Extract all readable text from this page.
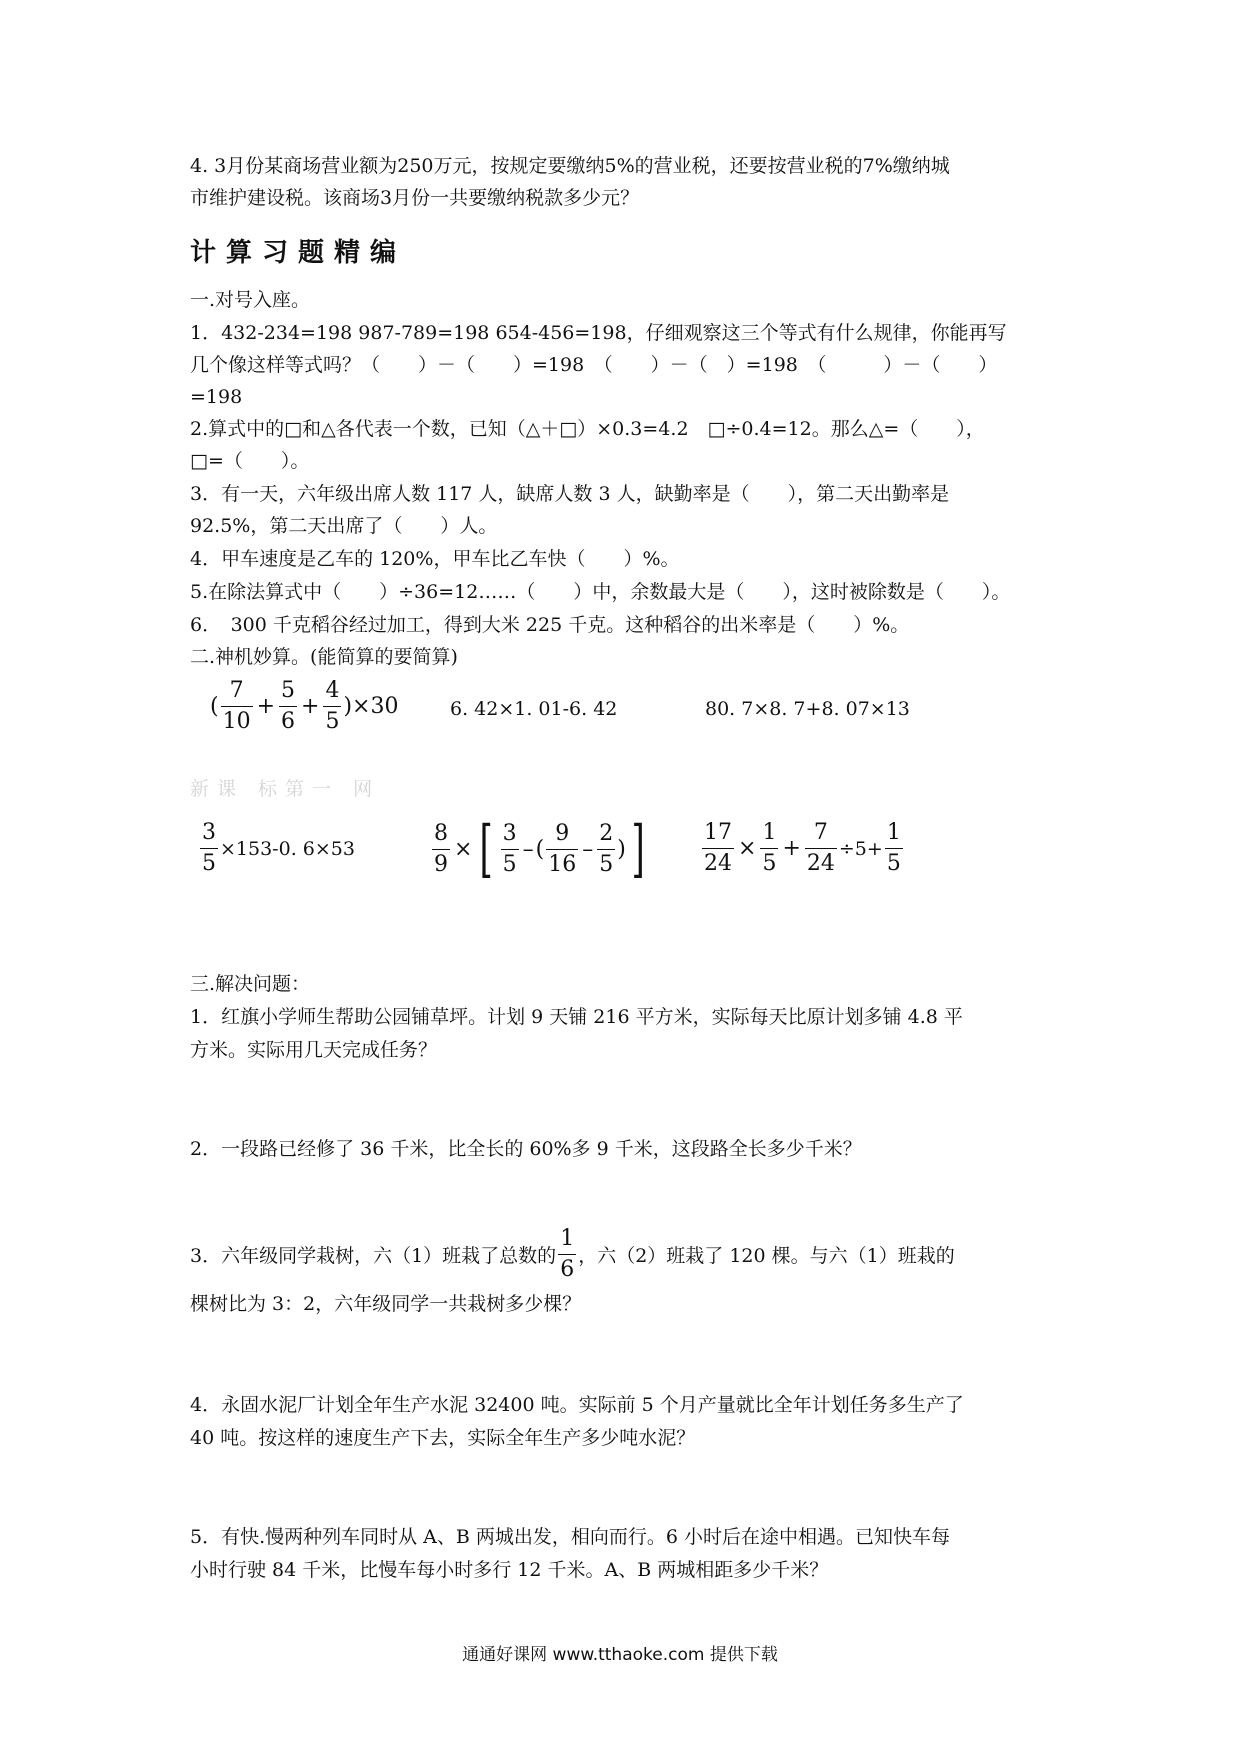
4. 3月份某商场营业额为250万元，按规定要缴纳5%的营业税，还要按营业税的7%缴纳城
市维护建设税。该商场3月份一共要缴纳税款多少元？
计算习题精编
一.对号入座。
1．432-234=198 987-789=198 654-456=198，仔细观察这三个等式有什么规律，你能再写
几个像这样等式吗？（　　）－（　　）=198　（　　）－（　）=198　（　　　）－（　　）
=198
2.算式中的□和△各代表一个数，已知（△＋□）×0.3=4.2　□÷0.4=12。那么△=（　　），
□=（　　）。
3．有一天，六年级出席人数 117 人，缺席人数 3 人，缺勤率是（　　），第二天出勤率是
92.5%，第二天出席了（　　）人。
4．甲车速度是乙车的 120%，甲车比乙车快（　　）%。
5.在除法算式中（　　）÷36=12……（　　）中，余数最大是（　　），这时被除数是（　　）。
6．　300 千克稻谷经过加工，得到大米 225 千克。这种稻谷的出米率是（　　）%。
二.神机妙算。(能简算的要简算)
( $\frac{7}{10} + \frac{5}{6} + \frac{4}{5} )\times 30$	6. 42×1. 01-6. 42	80. 7×8. 7+8. 07×13
新课 标第一 网
$\frac{3}{5} \times 153-0$. 6×53	$\frac{8}{9}$ × [ $\frac{3}{5}$ – ( $\frac{9}{16} - \frac{2}{5}$ ) ]	$\frac{17}{24} \times \frac{1}{5} + \frac{7}{24} \div 5+ \frac{1}{5}$
三.解决问题：
1．红旗小学师生帮助公园铺草坪。计划 9 天铺 216 平方米，实际每天比原计划多铺 4.8 平
方米。实际用几天完成任务？
2．一段路已经修了 36 千米，比全长的 60%多 9 千米，这段路全长多少千米？
3．六年级同学栽树，六（1）班栽了总数的 $\frac{1}{6}$ ，六（2）班栽了 120 棵。与六（1）班栽的
棵树比为 3：2，六年级同学一共栽树多少棵？
4．永固水泥厂计划全年生产水泥 32400 吨。实际前 5 个月产量就比全年计划任务多生产了
40 吨。按这样的速度生产下去，实际全年生产多少吨水泥？
5．有快.慢两种列车同时从 A、B 两城出发，相向而行。6 小时后在途中相遇。已知快车每
小时行驶 84 千米，比慢车每小时多行 12 千米。A、B 两城相距多少千米？
通通好课网 www.tthaoke.com 提供下载
